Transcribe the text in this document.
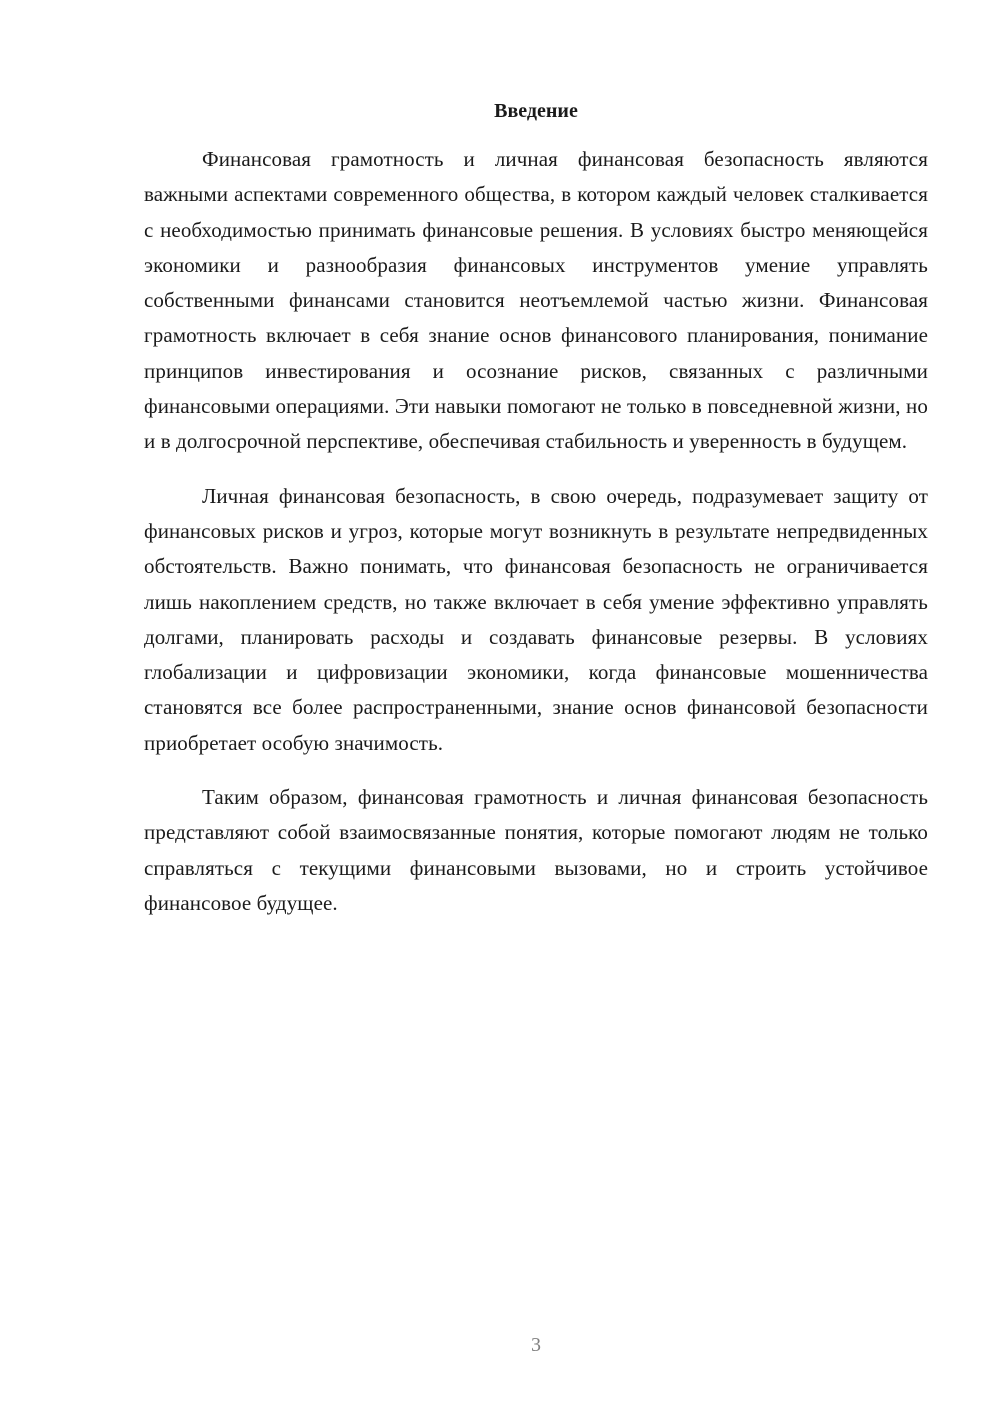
Введение

Финансовая грамотность и личная финансовая безопасность являются важными аспектами современного общества, в котором каждый человек сталкивается с необходимостью принимать финансовые решения. В условиях быстро меняющейся экономики и разнообразия финансовых инструментов умение управлять собственными финансами становится неотъемлемой частью жизни. Финансовая грамотность включает в себя знание основ финансового планирования, понимание принципов инвестирования и осознание рисков, связанных с различными финансовыми операциями. Эти навыки помогают не только в повседневной жизни, но и в долгосрочной перспективе, обеспечивая стабильность и уверенность в будущем.

Личная финансовая безопасность, в свою очередь, подразумевает защиту от финансовых рисков и угроз, которые могут возникнуть в результате непредвиденных обстоятельств. Важно понимать, что финансовая безопасность не ограничивается лишь накоплением средств, но также включает в себя умение эффективно управлять долгами, планировать расходы и создавать финансовые резервы. В условиях глобализации и цифровизации экономики, когда финансовые мошенничества становятся все более распространенными, знание основ финансовой безопасности приобретает особую значимость.

Таким образом, финансовая грамотность и личная финансовая безопасность представляют собой взаимосвязанные понятия, которые помогают людям не только справляться с текущими финансовыми вызовами, но и строить устойчивое финансовое будущее.

3
